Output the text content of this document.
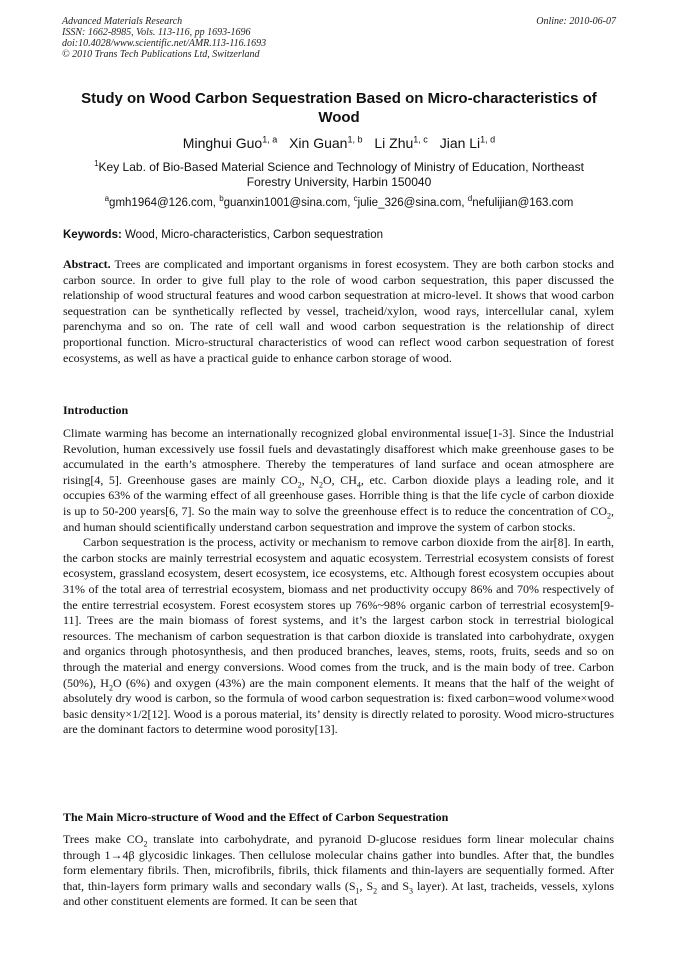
Advanced Materials Research
ISSN: 1662-8985, Vols. 113-116, pp 1693-1696
doi:10.4028/www.scientific.net/AMR.113-116.1693
© 2010 Trans Tech Publications Ltd, Switzerland
Online: 2010-06-07
Study on Wood Carbon Sequestration Based on Micro-characteristics of Wood
Minghui Guo$^{1, a}$ Xin Guan$^{1, b}$ Li Zhu$^{1, c}$ Jian Li$^{1, d}$
$^1$Key Lab. of Bio-Based Material Science and Technology of Ministry of Education, Northeast Forestry University, Harbin 150040
$^a$gmh1964@126.com, $^b$guanxin1001@sina.com, $^c$julie_326@sina.com, $^d$nefulijian@163.com
Keywords: Wood, Micro-characteristics, Carbon sequestration
Abstract. Trees are complicated and important organisms in forest ecosystem. They are both carbon stocks and carbon source. In order to give full play to the role of wood carbon sequestration, this paper discussed the relationship of wood structural features and wood carbon sequestration at micro-level. It shows that wood carbon sequestration can be synthetically reflected by vessel, tracheid/xylon, wood rays, intercellular canal, xylem parenchyma and so on. The rate of cell wall and wood carbon sequestration is the relationship of direct proportional function. Micro-structural characteristics of wood can reflect wood carbon sequestration of forest ecosystems, as well as have a practical guide to enhance carbon storage of wood.
Introduction

Climate warming has become an internationally recognized global environmental issue[1-3]. Since the Industrial Revolution, human excessively use fossil fuels and devastatingly disafforest which make greenhouse gases to be accumulated in the earth’s atmosphere. Thereby the temperatures of land surface and ocean atmosphere are rising[4, 5]. Greenhouse gases are mainly $CO_2$, $N_2O$, $CH_4$, etc. Carbon dioxide plays a leading role, and it occupies 63% of the warming effect of all greenhouse gases. Horrible thing is that the life cycle of carbon dioxide is up to 50-200 years[6, 7]. So the main way to solve the greenhouse effect is to reduce the concentration of $CO_2$, and human should scientifically understand carbon sequestration and improve the system of carbon stocks.

Carbon sequestration is the process, activity or mechanism to remove carbon dioxide from the air[8]. In earth, the carbon stocks are mainly terrestrial ecosystem and aquatic ecosystem. Terrestrial ecosystem consists of forest ecosystem, grassland ecosystem, desert ecosystem, ice ecosystems, etc. Although forest ecosystem occupies about 31% of the total area of terrestrial ecosystem, biomass and net productivity occupy 86% and 70% respectively of the entire terrestrial ecosystem. Forest ecosystem stores up 76%~98% organic carbon of terrestrial ecosystem[9-11]. Trees are the main biomass of forest systems, and it’s the largest carbon stock in terrestrial biological resources. The mechanism of carbon sequestration is that carbon dioxide is translated into carbohydrate, oxygen and organics through photosynthesis, and then produced branches, leaves, stems, roots, fruits, seeds and so on through the material and energy conversions. Wood comes from the truck, and is the main body of tree. Carbon (50%), $H_2O$ (6%) and oxygen (43%) are the main component elements. It means that the half of the weight of absolutely dry wood is carbon, so the formula of wood carbon sequestration is: fixed carbon=wood volume×wood basic density×1/2[12]. Wood is a porous material, its’ density is directly related to porosity. Wood micro-structures are the dominant factors to determine wood porosity[13].

The Main Micro-structure of Wood and the Effect of Carbon Sequestration
Trees make $CO_2$ translate into carbohydrate, and pyranoid D-glucose residues form linear molecular chains through 1→4β glycosidic linkages. Then cellulose molecular chains gather into bundles. After that, the bundles form elementary fibrils. Then, microfibrils, fibrils, thick filaments and thin-layers are sequentially formed. After that, thin-layers form primary walls and secondary walls ($S_1$, $S_2$ and $S_3$ layer). At last, tracheids, vessels, xylons and other constituent elements are formed. It can be seen that
